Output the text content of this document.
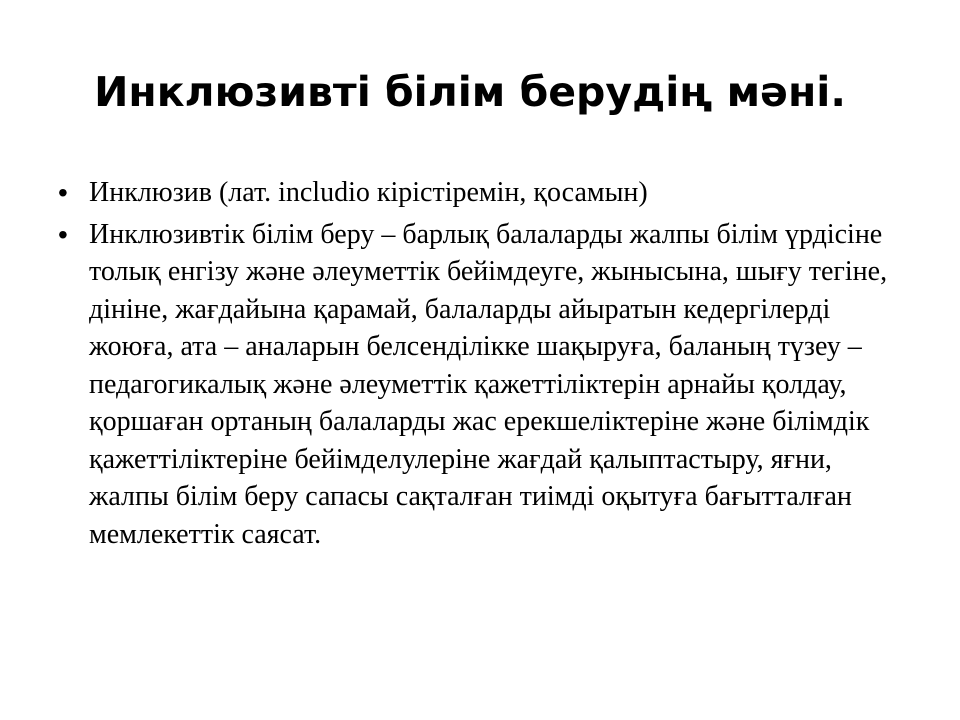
Инклюзивті білім берудің мәні.
• Инклюзив (лат. includio кірістіремін, қосамын)
• Инклюзивтік білім беру – барлық балаларды жалпы білім үрдісіне толық енгізу және әлеуметтік бейімдеуге, жынысына, шығу тегіне, дініне, жағдайына қарамай, балаларды айыратын кедергілерді жоюға, ата – аналарын белсенділікке шақыруға, баланың түзеу – педагогикалық және әлеуметтік қажеттіліктерін арнайы қолдау, қоршаған ортаның балаларды жас ерекшеліктеріне және білімдік қажеттіліктеріне бейімделулеріне жағдай қалыптастыру, яғни, жалпы білім беру сапасы сақталған тиімді оқытуға бағытталған мемлекеттік саясат.
